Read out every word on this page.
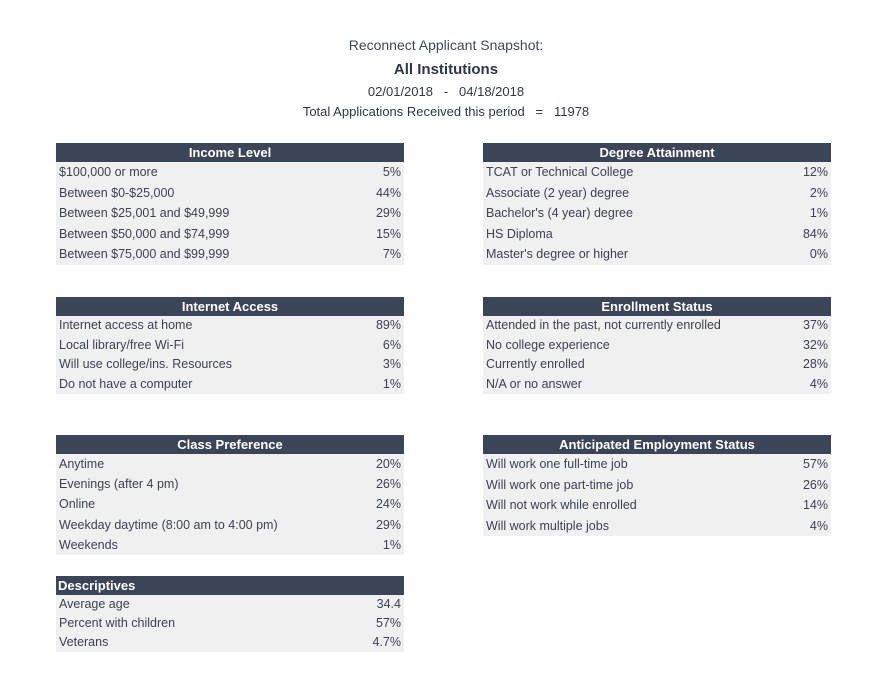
Reconnect Applicant Snapshot:
All Institutions
02/01/2018 - 04/18/2018
Total Applications Received this period = 11978
Income Level
$100,000 or more	5%
Between $0-$25,000	44%
Between $25,001 and $49,999	29%
Between $50,000 and $74,999	15%
Between $75,000 and $99,999	7%
Degree Attainment
TCAT or Technical College	12%
Associate (2 year) degree	2%
Bachelor's (4 year) degree	1%
HS Diploma	84%
Master's degree or higher	0%
Internet Access
Internet access at home	89%
Local library/free Wi-Fi	6%
Will use college/ins. Resources	3%
Do not have a computer	1%
Enrollment Status
Attended in the past, not currently enrolled	37%
No college experience	32%
Currently enrolled	28%
N/A or no answer	4%
Class Preference
Anytime	20%
Evenings (after 4 pm)	26%
Online	24%
Weekday daytime (8:00 am to 4:00 pm)	29%
Weekends	1%
Anticipated Employment Status
Will work one full-time job	57%
Will work one part-time job	26%
Will not work while enrolled	14%
Will work multiple jobs	4%
Descriptives
Average age	34.4
Percent with children	57%
Veterans	4.7%
